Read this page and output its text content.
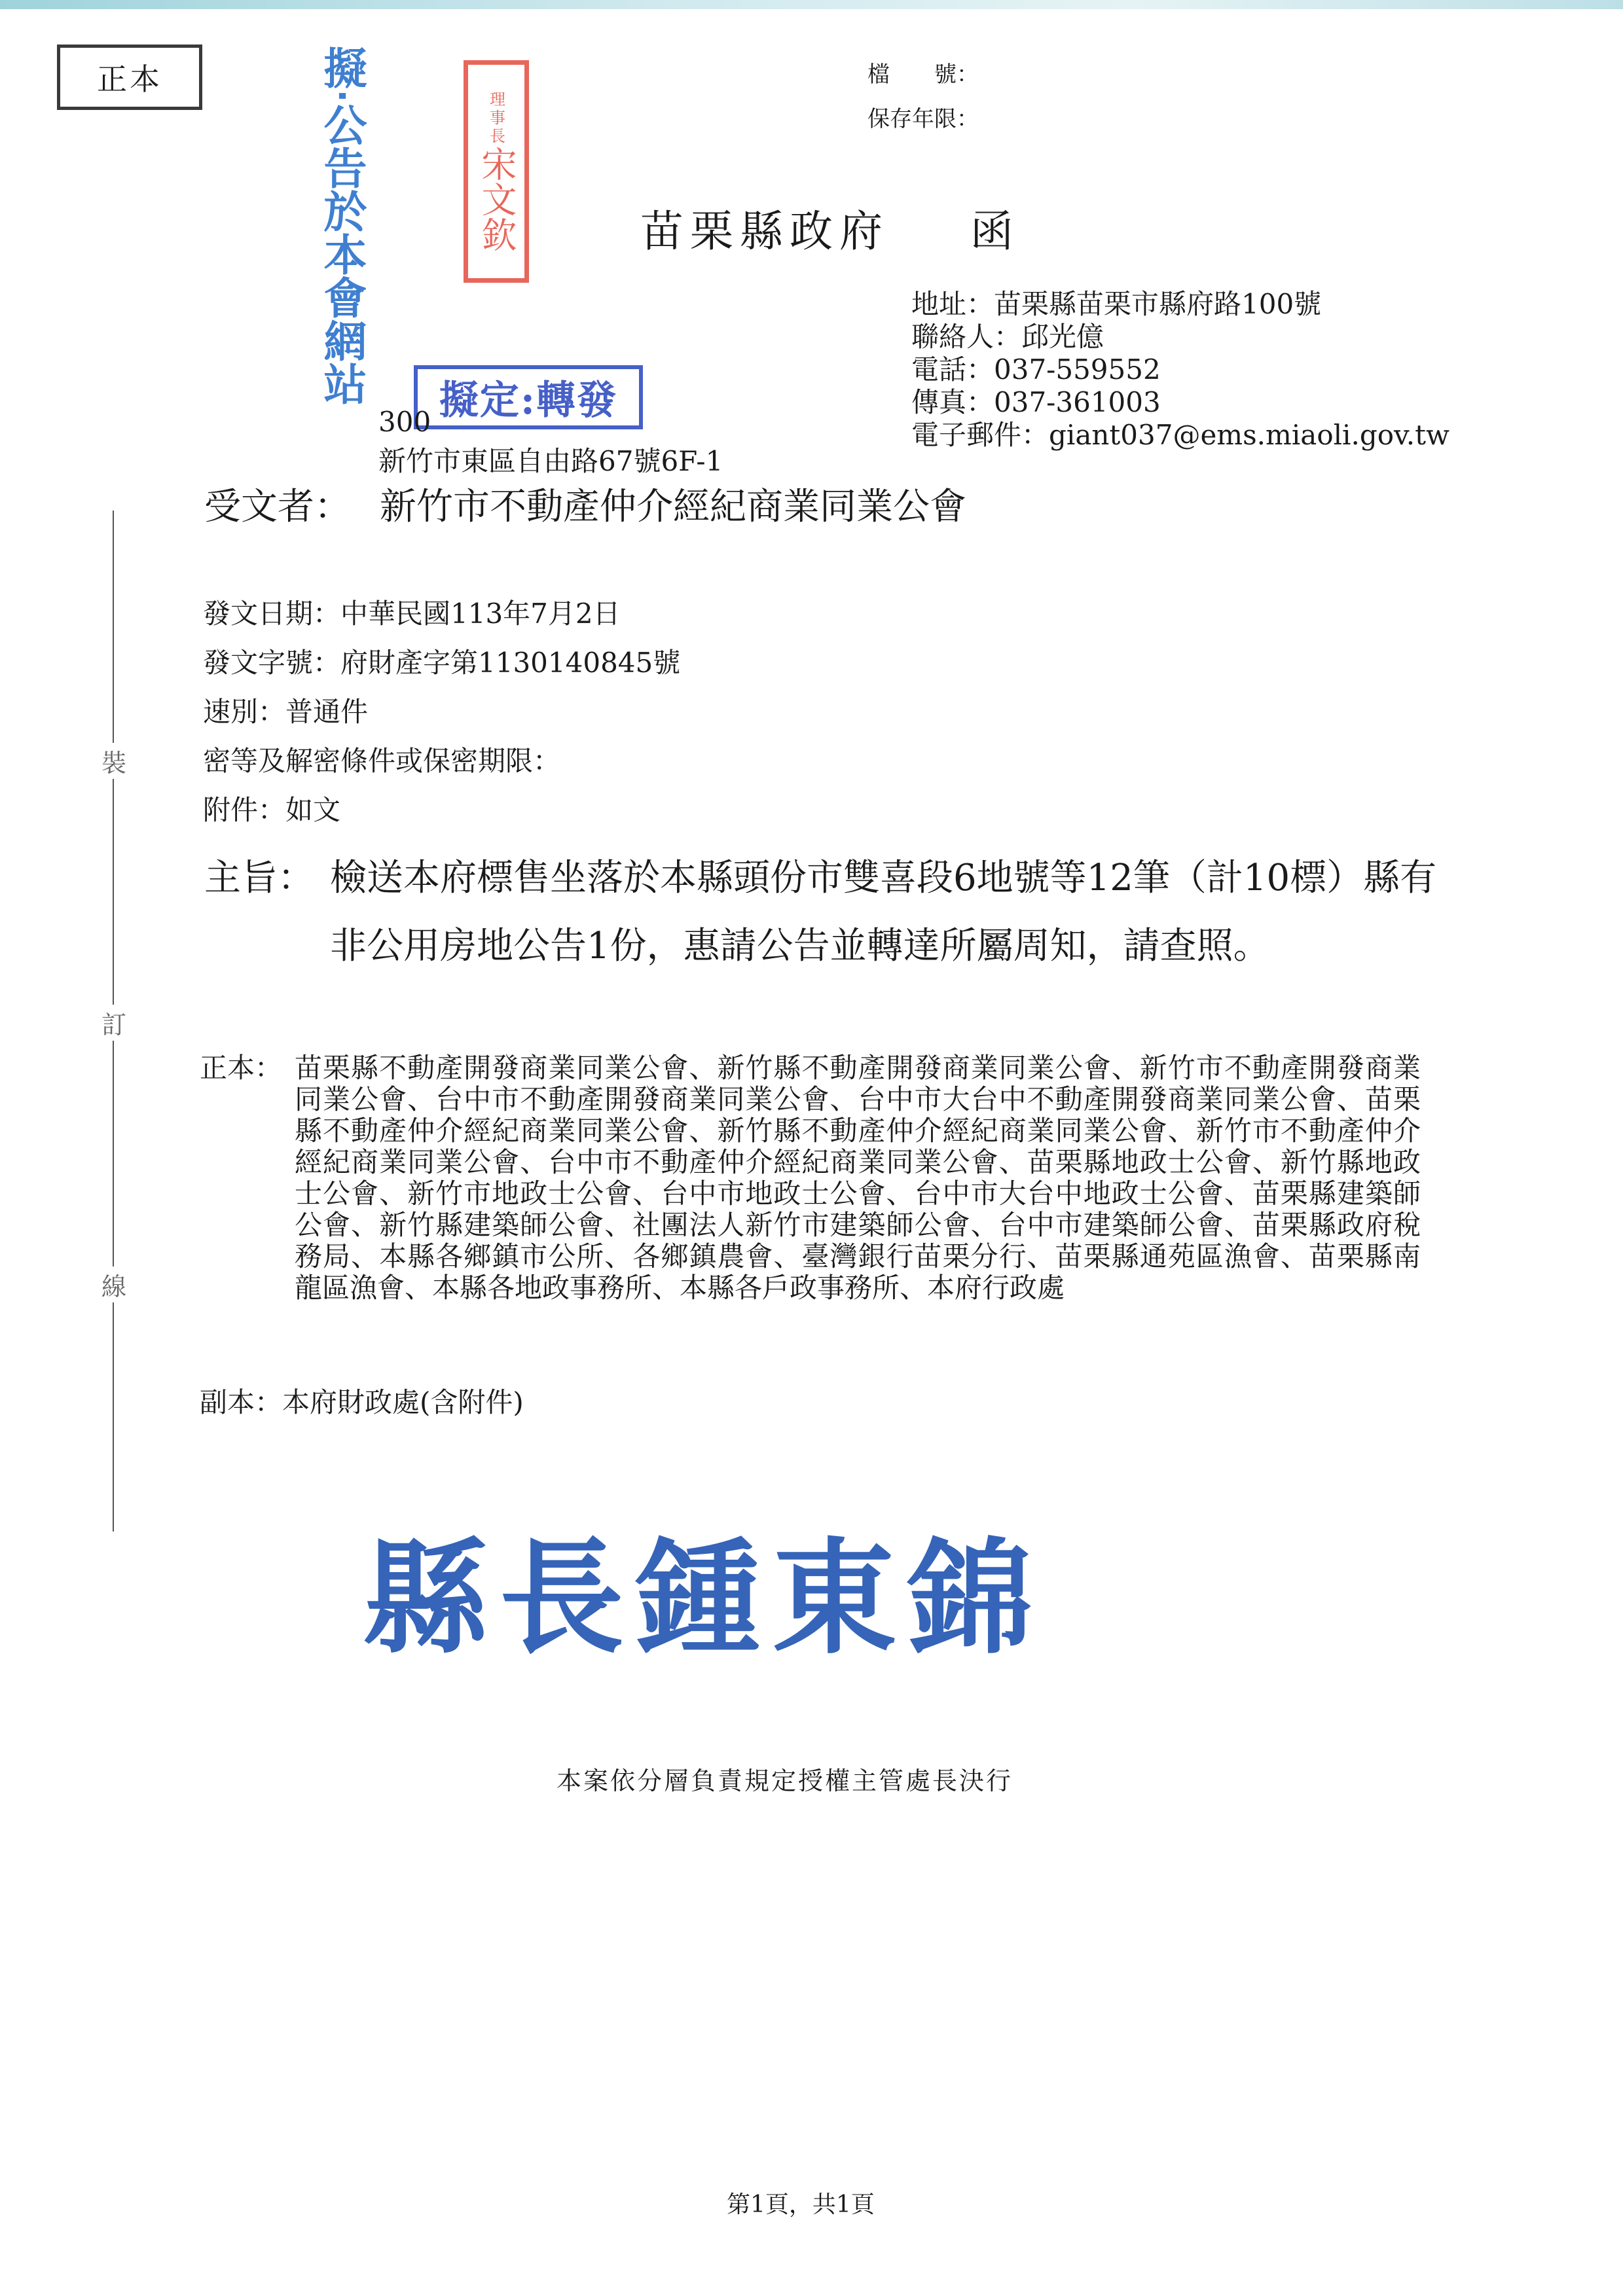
正本	擬‧公告於本會網站	理事長
宋文欽
擬定:轉發
檔　　號：
保存年限：
苗栗縣政府 函
地址：苗栗縣苗栗市縣府路100號
聯絡人：邱光億
電話：037-559552
傳真：037-361003
電子郵件：giant037@ems.miaoli.gov.tw
300
新竹市東區自由路67號6F-1
受文者： 新竹市不動產仲介經紀商業同業公會
發文日期： 中華民國113年7月2日
發文字號： 府財產字第1130140845號
速別： 普通件
密等及解密條件或保密期限：
附件： 如文
主旨： 檢送本府標售坐落於本縣頭份市雙喜段6地號等12筆（計10標）縣有非公用房地公告1份，惠請公告並轉達所屬周知，請查照。
正本： 苗栗縣不動產開發商業同業公會、新竹縣不動產開發商業同業公會、新竹市不動產開發商業同業公會、台中市不動產開發商業同業公會、台中市大台中不動產開發商業同業公會、苗栗縣不動產仲介經紀商業同業公會、新竹縣不動產仲介經紀商業同業公會、新竹市不動產仲介經紀商業同業公會、台中市不動產仲介經紀商業同業公會、苗栗縣地政士公會、新竹縣地政士公會、新竹市地政士公會、台中市地政士公會、台中市大台中地政士公會、苗栗縣建築師公會、新竹縣建築師公會、社團法人新竹市建築師公會、台中市建築師公會、苗栗縣政府稅務局、本縣各鄉鎮市公所、各鄉鎮農會、臺灣銀行苗栗分行、苗栗縣通苑區漁會、苗栗縣南龍區漁會、本縣各地政事務所、本縣各戶政事務所、本府行政處
副本：本府財政處(含附件)
裝
訂
線
縣長鍾東錦
本案依分層負責規定授權主管處長決行
第1頁，共1頁
